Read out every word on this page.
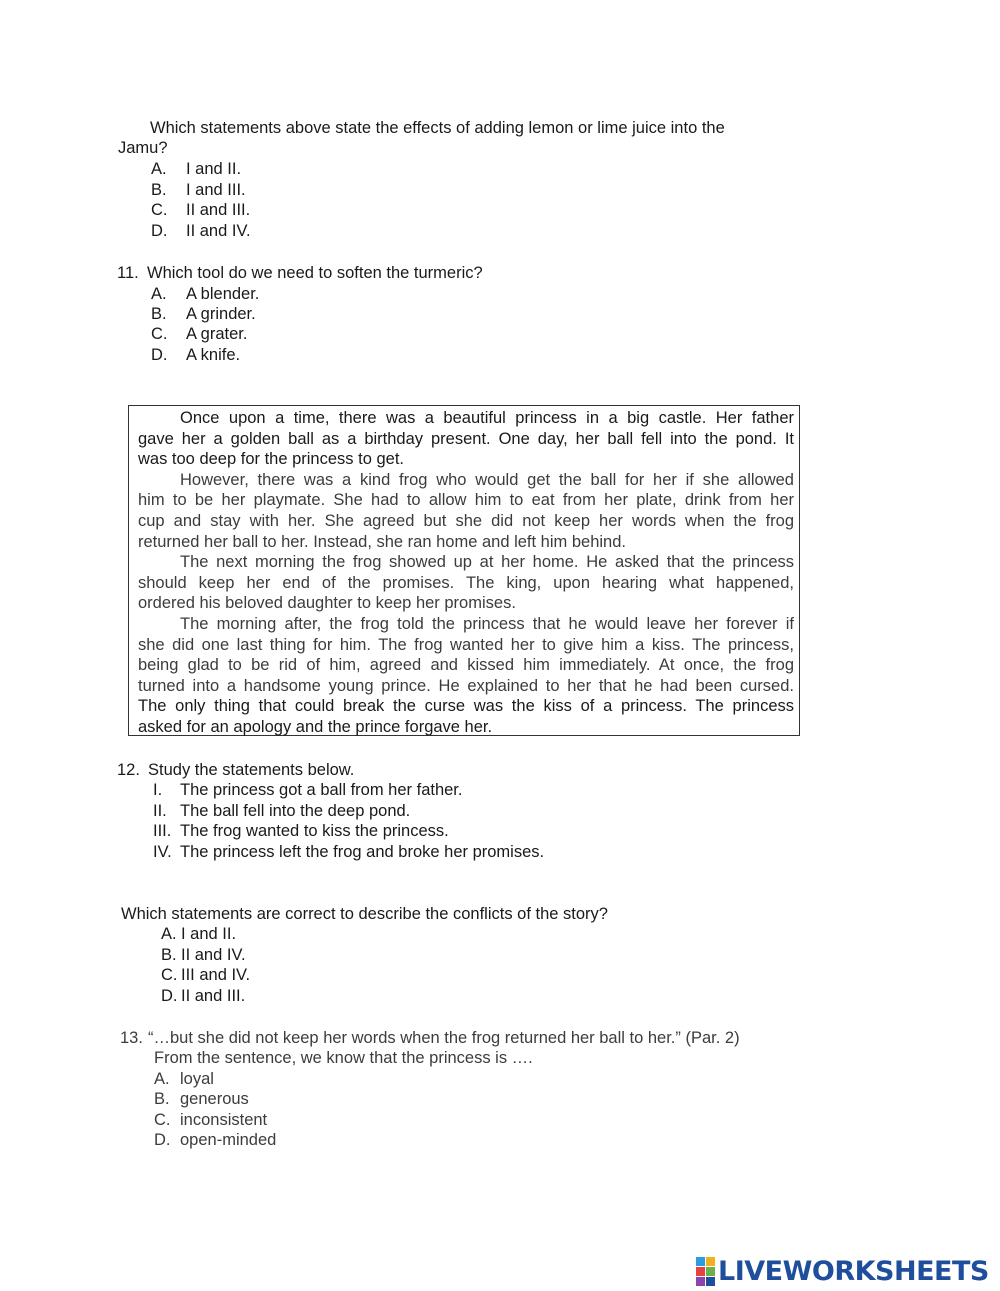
Which statements above state the effects of adding lemon or lime juice into the
Jamu?
A. I and II.
B. I and III.
C. II and III.
D. II and IV.
11. Which tool do we need to soften the turmeric?
A. A blender.
B. A grinder.
C. A grater.
D. A knife.
Once upon a time, there was a beautiful princess in a big castle. Her father
gave her a golden ball as a birthday present. One day, her ball fell into the pond. It
was too deep for the princess to get.
However, there was a kind frog who would get the ball for her if she allowed
him to be her playmate. She had to allow him to eat from her plate, drink from her
cup and stay with her. She agreed but she did not keep her words when the frog
returned her ball to her. Instead, she ran home and left him behind.
The next morning the frog showed up at her home. He asked that the princess
should keep her end of the promises. The king, upon hearing what happened,
ordered his beloved daughter to keep her promises.
The morning after, the frog told the princess that he would leave her forever if
she did one last thing for him. The frog wanted her to give him a kiss. The princess,
being glad to be rid of him, agreed and kissed him immediately. At once, the frog
turned into a handsome young prince. He explained to her that he had been cursed.
The only thing that could break the curse was the kiss of a princess. The princess
asked for an apology and the prince forgave her.
12. Study the statements below.
I. The princess got a ball from her father.
II. The ball fell into the deep pond.
III. The frog wanted to kiss the princess.
IV. The princess left the frog and broke her promises.
Which statements are correct to describe the conflicts of the story?
A. I and II.
B. II and IV.
C. III and IV.
D. II and III.
13. “…but she did not keep her words when the frog returned her ball to her.” (Par. 2)
From the sentence, we know that the princess is ….
A. loyal
B. generous
C. inconsistent
D. open-minded
LIVEWORKSHEETS
